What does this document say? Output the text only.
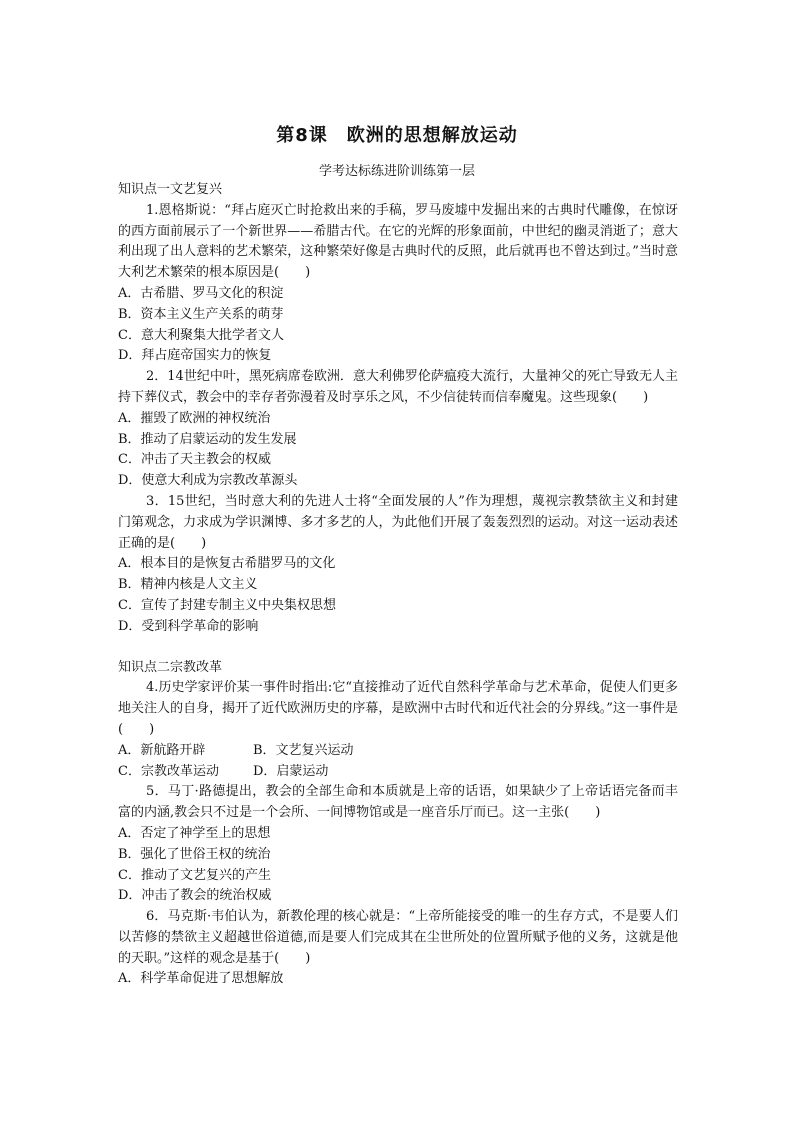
第8课　欧洲的思想解放运动
学考达标练进阶训练第一层

知识点一文艺复兴

1.恩格斯说：“拜占庭灭亡时抢救出来的手稿，罗马废墟中发掘出来的古典时代雕像，在惊讶的西方面前展示了一个新世界——希腊古代。在它的光辉的形象面前，中世纪的幽灵消逝了；意大利出现了出人意料的艺术繁荣，这种繁荣好像是古典时代的反照，此后就再也不曾达到过。”当时意大利艺术繁荣的根本原因是(　　)

A．古希腊、罗马文化的积淀

B．资本主义生产关系的萌芽

C．意大利聚集大批学者文人

D．拜占庭帝国实力的恢复

2．14世纪中叶，黑死病席卷欧洲．意大利佛罗伦萨瘟疫大流行，大量神父的死亡导致无人主持下葬仪式，教会中的幸存者弥漫着及时享乐之风，不少信徒转而信奉魔鬼。这些现象(　　)

A．摧毁了欧洲的神权统治

B．推动了启蒙运动的发生发展

C．冲击了天主教会的权威

D．使意大利成为宗教改革源头

3．15世纪，当时意大利的先进人士将“全面发展的人”作为理想，蔑视宗教禁欲主义和封建门第观念，力求成为学识渊博、多才多艺的人，为此他们开展了轰轰烈烈的运动。对这一运动表述正确的是(　　)

A．根本目的是恢复古希腊罗马的文化

B．精神内核是人文主义

C．宣传了封建专制主义中央集权思想

D．受到科学革命的影响

知识点二宗教改革

4.历史学家评价某一事件时指出:它“直接推动了近代自然科学革命与艺术革命，促使人们更多地关注人的自身，揭开了近代欧洲历史的序幕，是欧洲中古时代和近代社会的分界线。”这一事件是(　　)

A．新航路开辟	B．文艺复兴运动

C．宗教改革运动	D．启蒙运动

5．马丁·路德提出，教会的全部生命和本质就是上帝的话语，如果缺少了上帝话语完备而丰富的内涵,教会只不过是一个会所、一间博物馆或是一座音乐厅而已。这一主张(　　)

A．否定了神学至上的思想

B．强化了世俗王权的统治

C．推动了文艺复兴的产生

D．冲击了教会的统治权威

6．马克斯·韦伯认为，新教伦理的核心就是：“上帝所能接受的唯一的生存方式，不是要人们以苦修的禁欲主义超越世俗道德,而是要人们完成其在尘世所处的位置所赋予他的义务，这就是他的天职。”这样的观念是基于(　　)

A．科学革命促进了思想解放
